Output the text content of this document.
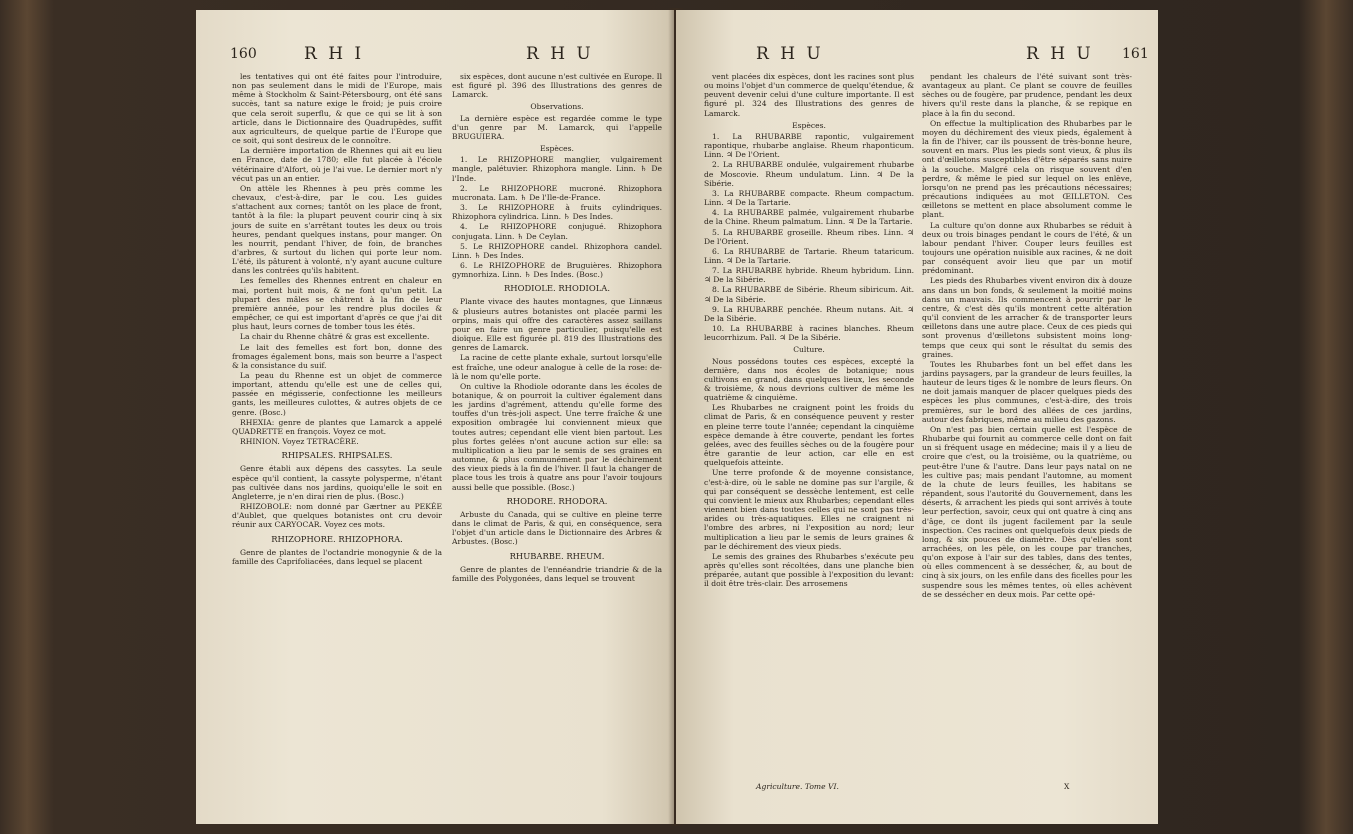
160	R H I	R H U

les tentatives qui ont été faites pour l'introduire, non pas seulement dans le midi de l'Europe, mais même à Stockholm & Saint-Pétersbourg, ont été sans succès, tant sa nature exige le froid; je puis croire que cela seroit superflu, & que ce qui se lit à son article, dans le Dictionnaire des Quadrupèdes, suffit aux agriculteurs, de quelque partie de l'Europe que ce soit, qui sont desireux de le connoître.

La dernière importation de Rhennes qui ait eu lieu en France, date de 1780; elle fut placée à l'école vétérinaire d'Alfort, où je l'ai vue. Le dernier mort n'y vécut pas un an entier.

On attèle les Rhennes à peu près comme les chevaux, c'est-à-dire, par le cou. Les guides s'attachent aux cornes; tantôt on les place de front, tantôt à la file: la plupart peuvent courir cinq à six jours de suite en s'arrêtant toutes les deux ou trois heures, pendant quelques instans, pour manger. On les nourrit, pendant l'hiver, de foin, de branches d'arbres, & surtout du lichen qui porte leur nom. L'été, ils pâturent à volonté, n'y ayant aucune culture dans les contrées qu'ils habitent.

Les femelles des Rhennes entrent en chaleur en mai, portent huit mois, & ne font qu'un petit. La plupart des mâles se châtrent à la fin de leur première année, pour les rendre plus dociles & empêcher, ce qui est important d'après ce que j'ai dit plus haut, leurs cornes de tomber tous les étés.

La chair du Rhenne châtré & gras est excellente.

Le lait des femelles est fort bon, donne des fromages également bons, mais son beurre a l'aspect & la consistance du suif.

La peau du Rhenne est un objet de commerce important, attendu qu'elle est une de celles qui, passée en mégisserie, confectionne les meilleurs gants, les meilleures culottes, & autres objets de ce genre. (Bosc.)

RHEXIA: genre de plantes que Lamarck a appelé QUADRETTE en françois. Voyez ce mot.

RHINION. Voyez TETRACÈRE.

RHIPSALES. RHIPSALES.

Genre établi aux dépens des cassytes. La seule espèce qu'il contient, la cassyte polysperme, n'étant pas cultivée dans nos jardins, quoiqu'elle le soit en Angleterre, je n'en dirai rien de plus. (Bosc.)

RHIZOBOLE: nom donné par Gærtner au PEKÉE d'Aublet, que quelques botanistes ont cru devoir réunir aux CARYOCAR. Voyez ces mots.

RHIZOPHORE. RHIZOPHORA.

Genre de plantes de l'octandrie monogynie & de la famille des Caprifoliacées, dans lequel se placent

six espèces, dont aucune n'est cultivée en Europe. Il est figuré pl. 396 des Illustrations des genres de Lamarck.

Observations.

La dernière espèce est regardée comme le type d'un genre par M. Lamarck, qui l'appelle BRUGUIERA.

Espèces.

1. Le RHIZOPHORE manglier, vulgairement mangle, palétuvier. Rhizophora mangle. Linn. ♄ De l'Inde.

2. Le RHIZOPHORE mucroné. Rhizophora mucronata. Lam. ♄ De l'Ile-de-France.

3. Le RHIZOPHORE à fruits cylindriques. Rhizophora cylindrica. Linn. ♄ Des Indes.

4. Le RHIZOPHORE conjugué. Rhizophora conjugata. Linn. ♄ De Ceylan.

5. Le RHIZOPHORE candel. Rhizophora candel. Linn. ♄ Des Indes.

6. Le RHIZOPHORE de Bruguières. Rhizophora gymnorhiza. Linn. ♄ Des Indes. (Bosc.)

RHODIOLE. RHODIOLA.

Plante vivace des hautes montagnes, que Linnæus & plusieurs autres botanistes ont placée parmi les orpins, mais qui offre des caractères assez saillans pour en faire un genre particulier, puisqu'elle est dioïque. Elle est figurée pl. 819 des Illustrations des genres de Lamarck.

La racine de cette plante exhale, surtout lorsqu'elle est fraîche, une odeur analogue à celle de la rose: de-là le nom qu'elle porte.

On cultive la Rhodiole odorante dans les écoles de botanique, & on pourroit la cultiver également dans les jardins d'agrément, attendu qu'elle forme des touffes d'un très-joli aspect. Une terre fraîche & une exposition ombragée lui conviennent mieux que toutes autres; cependant elle vient bien partout. Les plus fortes gelées n'ont aucune action sur elle: sa multiplication a lieu par le semis de ses graines en automne, & plus communément par le déchirement des vieux pieds à la fin de l'hiver. Il faut la changer de place tous les trois à quatre ans pour l'avoir toujours aussi belle que possible. (Bosc.)

RHODORE. RHODORA.

Arbuste du Canada, qui se cultive en pleine terre dans le climat de Paris, & qui, en conséquence, sera l'objet d'un article dans le Dictionnaire des Arbres & Arbustes. (Bosc.)

RHUBARBE. RHEUM.

Genre de plantes de l'ennéandrie triandrie & de la famille des Polygonées, dans lequel se trouvent

R H U	R H U 161

vent placées dix espèces, dont les racines sont plus ou moins l'objet d'un commerce de quelqu'étendue, & peuvent devenir celui d'une culture importante. Il est figuré pl. 324 des Illustrations des genres de Lamarck.

Espèces.

1. La RHUBARBE rapontic, vulgairement rapontique, rhubarbe anglaise. Rheum rhaponticum. Linn. ♃ De l'Orient.

2. La RHUBARBE ondulée, vulgairement rhubarbe de Moscovie. Rheum undulatum. Linn. ♃ De la Sibérie.

3. La RHUBARBE compacte. Rheum compactum. Linn. ♃ De la Tartarie.

4. La RHUBARBE palmée, vulgairement rhubarbe de la Chine. Rheum palmatum. Linn. ♃ De la Tartarie.

5. La RHUBARBE groseille. Rheum ribes. Linn. ♃ De l'Orient.

6. La RHUBARBE de Tartarie. Rheum tataricum. Linn. ♃ De la Tartarie.

7. La RHUBARBE hybride. Rheum hybridum. Linn. ♃ De la Sibérie.

8. La RHUBARBE de Sibérie. Rheum sibiricum. Ait. ♃ De la Sibérie.

9. La RHUBARBE penchée. Rheum nutans. Ait. ♃ De la Sibérie.

10. La RHUBARBE à racines blanches. Rheum leucorrhizum. Pall. ♃ De la Sibérie.

Culture.

Nous possédons toutes ces espèces, excepté la dernière, dans nos écoles de botanique; nous cultivons en grand, dans quelques lieux, les seconde & troisième, & nous devrions cultiver de même les quatrième & cinquième.

Les Rhubarbes ne craignent point les froids du climat de Paris, & en conséquence peuvent y rester en pleine terre toute l'année; cependant la cinquième espèce demande à être couverte, pendant les fortes gelées, avec des feuilles sèches ou de la fougère pour être garantie de leur action, car elle en est quelquefois atteinte.

Une terre profonde & de moyenne consistance, c'est-à-dire, où le sable ne domine pas sur l'argile, & qui par conséquent se dessèche lentement, est celle qui convient le mieux aux Rhubarbes; cependant elles viennent bien dans toutes celles qui ne sont pas très-arides ou très-aquatiques. Elles ne craignent ni l'ombre des arbres, ni l'exposition au nord; leur multiplication a lieu par le semis de leurs graines & par le déchirement des vieux pieds.

Le semis des graines des Rhubarbes s'exécute peu après qu'elles sont récoltées, dans une planche bien préparée, autant que possible à l'exposition du levant: il doit être très-clair. Des arrosemens

pendant les chaleurs de l'été suivant sont très-avantageux au plant. Ce plant se couvre de feuilles sèches ou de fougère, par prudence, pendant les deux hivers qu'il reste dans la planche, & se repique en place à la fin du second.

On effectue la multiplication des Rhubarbes par le moyen du déchirement des vieux pieds, également à la fin de l'hiver, car ils poussent de très-bonne heure, souvent en mars. Plus les pieds sont vieux, & plus ils ont d'œilletons susceptibles d'être séparés sans nuire à la souche. Malgré cela on risque souvent d'en perdre, & même le pied sur lequel on les enlève, lorsqu'on ne prend pas les précautions nécessaires; précautions indiquées au mot ŒILLETON. Ces œilletons se mettent en place absolument comme le plant.

La culture qu'on donne aux Rhubarbes se réduit à deux ou trois binages pendant le cours de l'été, & un labour pendant l'hiver. Couper leurs feuilles est toujours une opération nuisible aux racines, & ne doit par conséquent avoir lieu que par un motif prédominant.

Les pieds des Rhubarbes vivent environ dix à douze ans dans un bon fonds, & seulement la moitié moins dans un mauvais. Ils commencent à pourrir par le centre, & c'est dès qu'ils montrent cette altération qu'il convient de les arracher & de transporter leurs œilletons dans une autre place. Ceux de ces pieds qui sont provenus d'œilletons subsistent moins long-temps que ceux qui sont le résultat du semis des graines.

Toutes les Rhubarbes font un bel effet dans les jardins paysagers, par la grandeur de leurs feuilles, la hauteur de leurs tiges & le nombre de leurs fleurs. On ne doit jamais manquer de placer quelques pieds des espèces les plus communes, c'est-à-dire, des trois premières, sur le bord des allées de ces jardins, autour des fabriques, même au milieu des gazons.

On n'est pas bien certain quelle est l'espèce de Rhubarbe qui fournit au commerce celle dont on fait un si fréquent usage en médecine; mais il y a lieu de croire que c'est, ou la troisième, ou la quatrième, ou peut-être l'une & l'autre. Dans leur pays natal on ne les cultive pas; mais pendant l'automne, au moment de la chute de leurs feuilles, les habitans se répandent, sous l'autorité du Gouvernement, dans les déserts, & arrachent les pieds qui sont arrivés à toute leur perfection, savoir, ceux qui ont quatre à cinq ans d'âge, ce dont ils jugent facilement par la seule inspection. Ces racines ont quelquefois deux pieds de long, & six pouces de diamètre. Dès qu'elles sont arrachées, on les pèle, on les coupe par tranches, qu'on expose à l'air sur des tables, dans des tentes, où elles commencent à se dessécher, &, au bout de cinq à six jours, on les enfile dans des ficelles pour les suspendre sous les mêmes tentes, où elles achèvent de se dessécher en deux mois. Par cette opé-

Agriculture. Tome VI.	X
